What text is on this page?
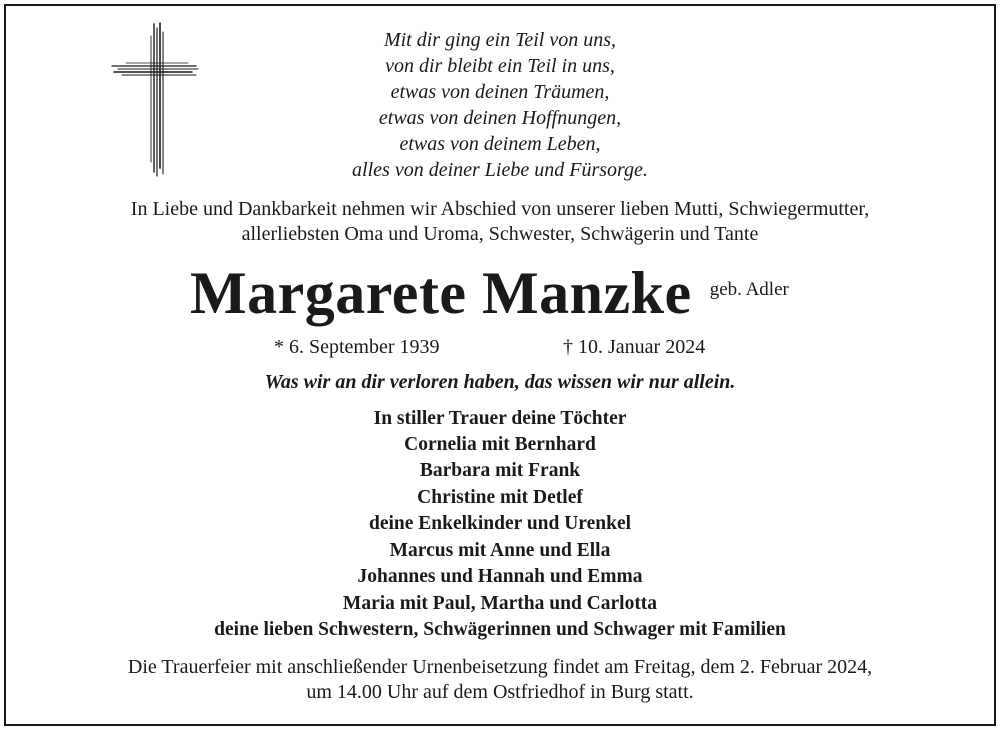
Mit dir ging ein Teil von uns,
von dir bleibt ein Teil in uns,
etwas von deinen Träumen,
etwas von deinen Hoffnungen,
etwas von deinem Leben,
alles von deiner Liebe und Fürsorge.
In Liebe und Dankbarkeit nehmen wir Abschied von unserer lieben Mutti, Schwiegermutter,
allerliebsten Oma und Uroma, Schwester, Schwägerin und Tante
Margarete Manzke geb. Adler
* 6. September 1939	† 10. Januar 2024
Was wir an dir verloren haben, das wissen wir nur allein.
In stiller Trauer deine Töchter
Cornelia mit Bernhard
Barbara mit Frank
Christine mit Detlef
deine Enkelkinder und Urenkel
Marcus mit Anne und Ella
Johannes und Hannah und Emma
Maria mit Paul, Martha und Carlotta
deine lieben Schwestern, Schwägerinnen und Schwager mit Familien
Die Trauerfeier mit anschließender Urnenbeisetzung findet am Freitag, dem 2. Februar 2024,
um 14.00 Uhr auf dem Ostfriedhof in Burg statt.
